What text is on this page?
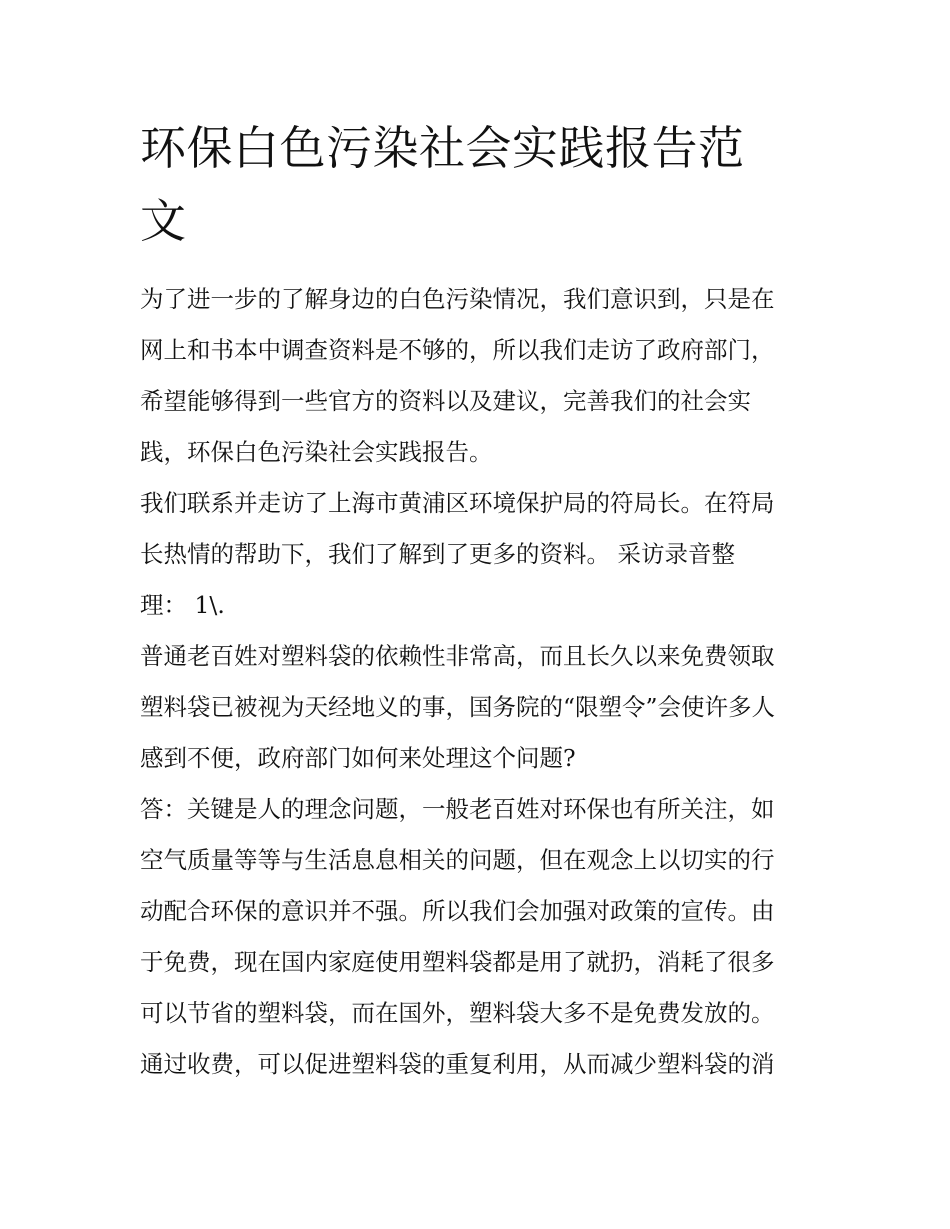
环保白色污染社会实践报告范
文

为了进一步的了解身边的白色污染情况，我们意识到，只是在
网上和书本中调查资料是不够的，所以我们走访了政府部门，
希望能够得到一些官方的资料以及建议，完善我们的社会实
践，环保白色污染社会实践报告。

我们联系并走访了上海市黄浦区环境保护局的符局长。在符局
长热情的帮助下，我们了解到了更多的资料。 采访录音整
理： 1\.

普通老百姓对塑料袋的依赖性非常高，而且长久以来免费领取
塑料袋已被视为天经地义的事，国务院的“限塑令”会使许多人
感到不便，政府部门如何来处理这个问题?

答：关键是人的理念问题，一般老百姓对环保也有所关注，如
空气质量等等与生活息息相关的问题，但在观念上以切实的行
动配合环保的意识并不强。所以我们会加强对政策的宣传。由
于免费，现在国内家庭使用塑料袋都是用了就扔，消耗了很多
可以节省的塑料袋，而在国外，塑料袋大多不是免费发放的。
通过收费，可以促进塑料袋的重复利用，从而减少塑料袋的消
